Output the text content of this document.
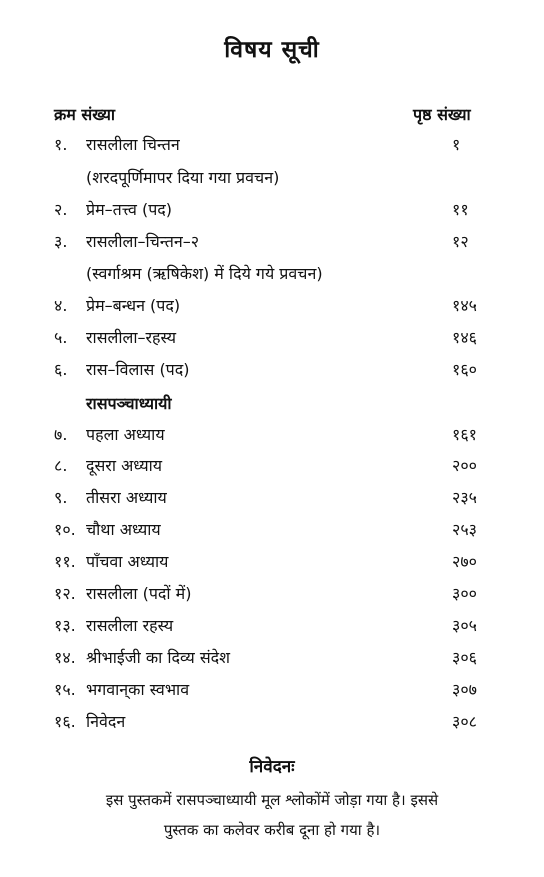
विषय सूची
क्रम संख्या	पृष्ठ संख्या
१. रासलीला चिन्तन	१
(शरदपूर्णिमापर दिया गया प्रवचन)
२. प्रेम–तत्त्व (पद)	११
३. रासलीला–चिन्तन–२	१२
(स्वर्गाश्रम (ऋषिकेश) में दिये गये प्रवचन)
४. प्रेम–बन्धन (पद)	१४५
५. रासलीला–रहस्य	१४६
६. रास–विलास (पद)	१६०
रासपञ्चाध्यायी
७. पहला अध्याय	१६१
८. दूसरा अध्याय	२००
९. तीसरा अध्याय	२३५
१०. चौथा अध्याय	२५३
११. पाँचवा अध्याय	२७०
१२. रासलीला (पदों में)	३००
१३. रासलीला रहस्य	३०५
१४. श्रीभाईजी का दिव्य संदेश	३०६
१५. भगवान्‌का स्वभाव	३०७
१६. निवेदन	३०८
निवेदनः
इस पुस्तकमें रासपञ्चाध्यायी मूल श्लोकोंमें जोड़ा गया है। इससे
पुस्तक का कलेवर करीब दूना हो गया है।
